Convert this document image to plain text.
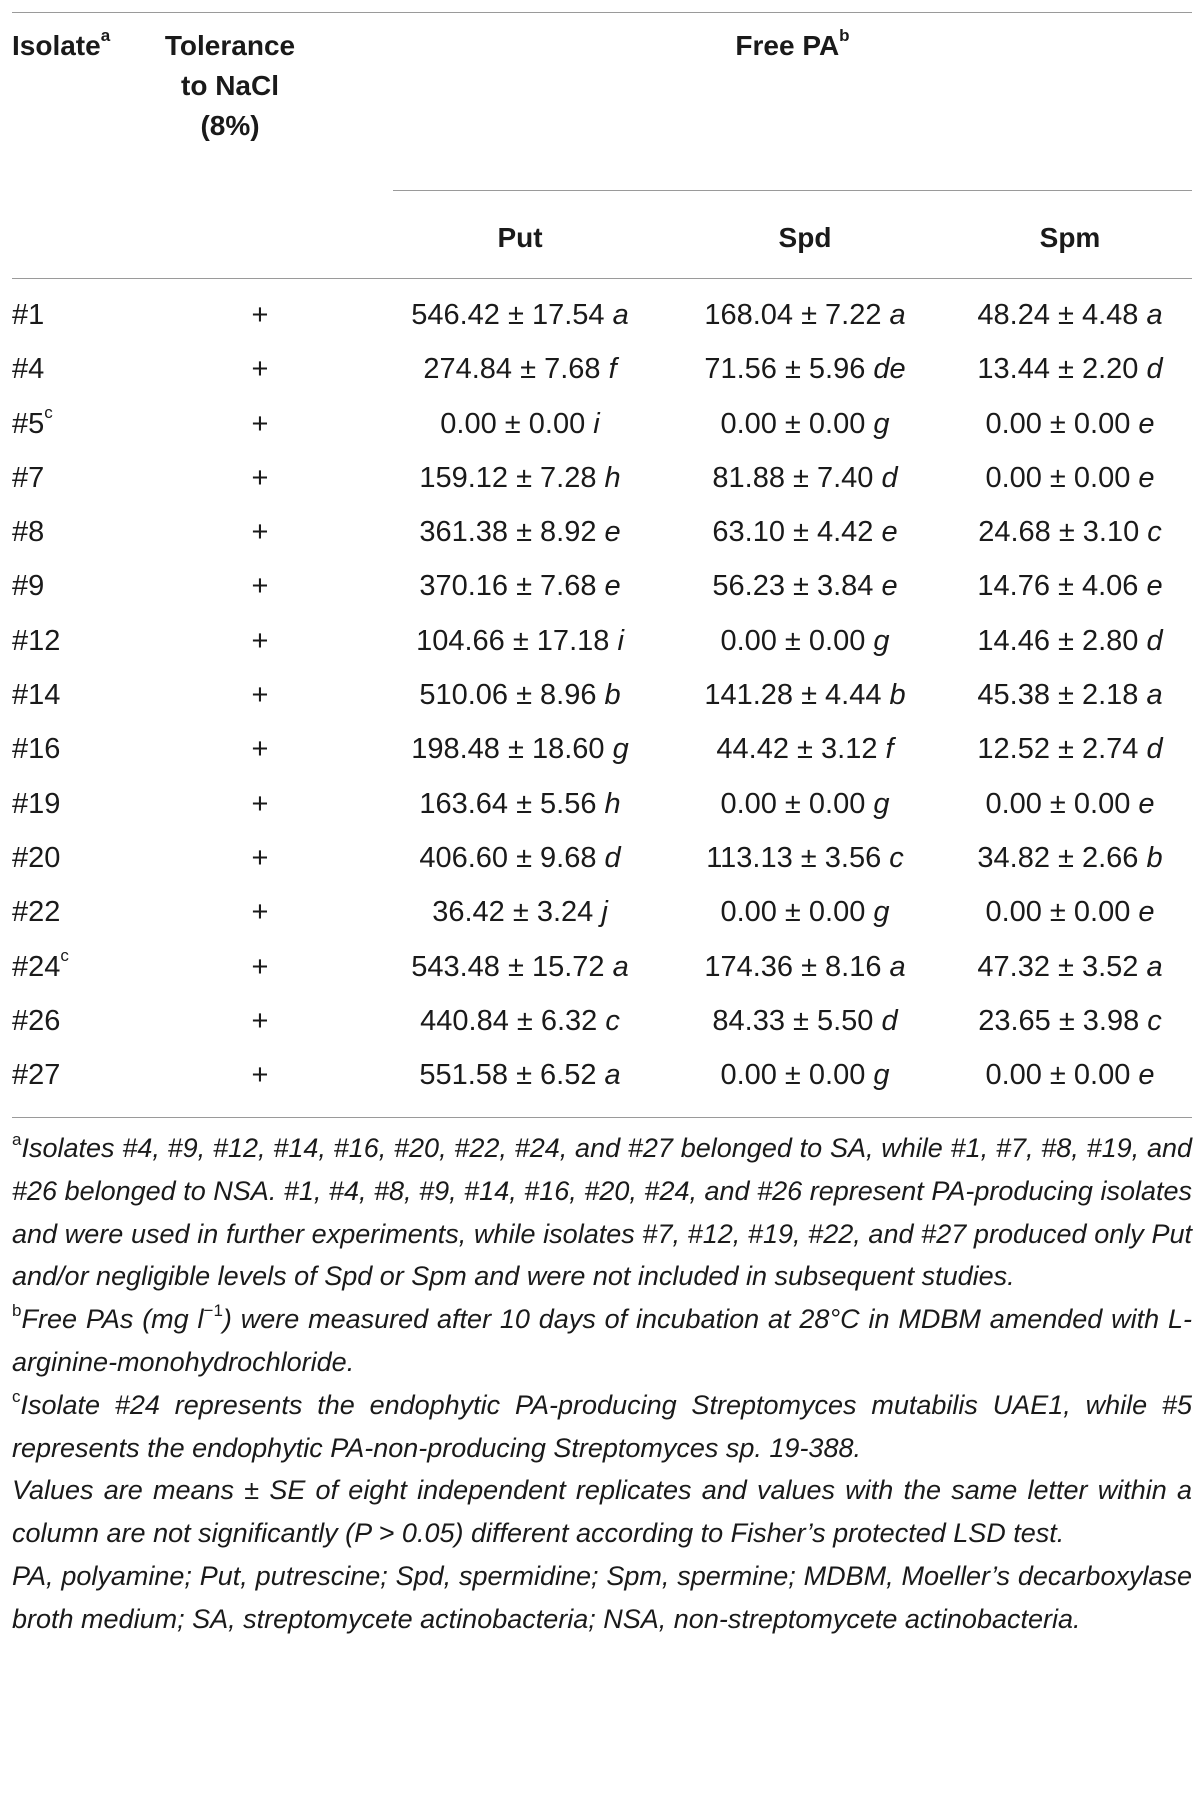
Isolate$^a$	Tolerance
to NaCl
(8%)
Free $PA^b$
Put	Spd	Spm
#1	+	546.42 ± 17.54 a	168.04 ± 7.22 a	48.24 ± 4.48 a
#4	+	274.84 ± 7.68 f	71.56 ± 5.96 de	13.44 ± 2.20 d
$\#5^c$	+	0.00 ± 0.00 i	0.00 ± 0.00 g	0.00 ± 0.00 e
#7	+	159.12 ± 7.28 h	81.88 ± 7.40 d	0.00 ± 0.00 e
#8	+	361.38 ± 8.92 e	63.10 ± 4.42 e	24.68 ± 3.10 c
#9	+	370.16 ± 7.68 e	56.23 ± 3.84 e	14.76 ± 4.06 e
#12	+	104.66 ± 17.18 i	0.00 ± 0.00 g	14.46 ± 2.80 d
#14	+	510.06 ± 8.96 b	141.28 ± 4.44 b	45.38 ± 2.18 a
#16	+	198.48 ± 18.60 g	44.42 ± 3.12 f	12.52 ± 2.74 d
#19	+	163.64 ± 5.56 h	0.00 ± 0.00 g	0.00 ± 0.00 e
#20	+	406.60 ± 9.68 d	113.13 ± 3.56 c	34.82 ± 2.66 b
#22	+	36.42 ± 3.24 j	0.00 ± 0.00 g	0.00 ± 0.00 e
$\#24^c$	+	543.48 ± 15.72 a	174.36 ± 8.16 a	47.32 ± 3.52 a
#26	+	440.84 ± 6.32 c	84.33 ± 5.50 d	23.65 ± 3.98 c
#27	+	551.58 ± 6.52 a	0.00 ± 0.00 g	0.00 ± 0.00 e

$^a$Isolates #4, #9, #12, #14, #16, #20, #22, #24, and #27 belonged to SA, while #1, #7, #8, #19, and #26 belonged to NSA. #1, #4, #8, #9, #14, #16, #20, #24, and #26 represent PA-producing isolates and were used in further experiments, while isolates #7, #12, #19, #22, and #27 produced only Put and/or negligible levels of Spd or Spm and were not included in subsequent studies.

$^b$Free PAs (mg $l^{-1}$) were measured after 10 days of incubation at 28°C in MDBM amended with L-arginine-monohydrochloride.

$^c$Isolate #24 represents the endophytic PA-producing Streptomyces mutabilis UAE1, while #5 represents the endophytic PA-non-producing Streptomyces sp. 19-388.

Values are means ± SE of eight independent replicates and values with the same letter within a column are not significantly (P > 0.05) different according to Fisher’s protected LSD test.

PA, polyamine; Put, putrescine; Spd, spermidine; Spm, spermine; MDBM, Moeller’s decarboxylase broth medium; SA, streptomycete actinobacteria; NSA, non-streptomycete actinobacteria.
